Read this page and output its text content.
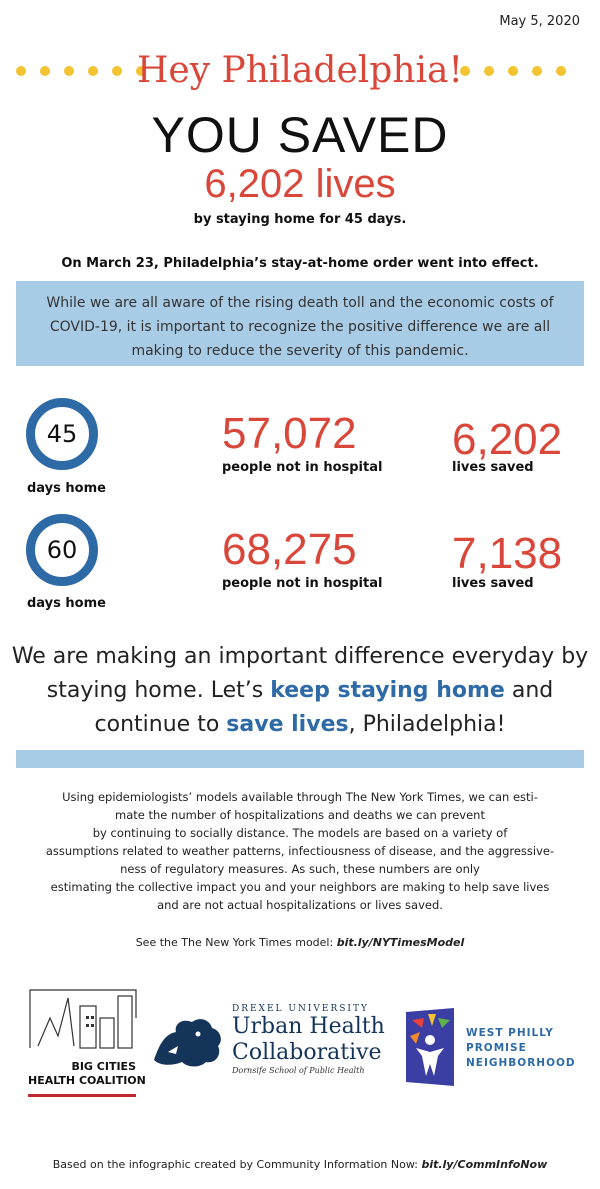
May 5, 2020
Hey Philadelphia!
YOU SAVED
6,202 lives
by staying home for 45 days.
On March 23, Philadelphia’s stay-at-home order went into effect.

While we are all aware of the rising death toll and the economic costs of COVID-19, it is important to recognize the positive difference we are all making to reduce the severity of this pandemic.

45
days home
57,072
people not in hospital
6,202
lives saved
60
days home
68,275
people not in hospital
7,138
lives saved
We are making an important difference everyday by staying home. Let’s keep staying home and continue to save lives, Philadelphia!
Using epidemiologists’ models available through The New York Times, we can esti-
mate the number of hospitalizations and deaths we can prevent
by continuing to socially distance. The models are based on a variety of
assumptions related to weather patterns, infectiousness of disease, and the aggressive-
ness of regulatory measures. As such, these numbers are only
estimating the collective impact you and your neighbors are making to help save lives
and are not actual hospitalizations or lives saved.
See the The New York Times model: bit.ly/NYTimesModel
BIG CITIES
HEALTH COALITION
DREXEL UNIVERSITY
Urban Health
Collaborative
Dornsife School of Public Health
WEST PHILLY
PROMISE
NEIGHBORHOOD
Based on the infographic created by Community Information Now: bit.ly/CommInfoNow
